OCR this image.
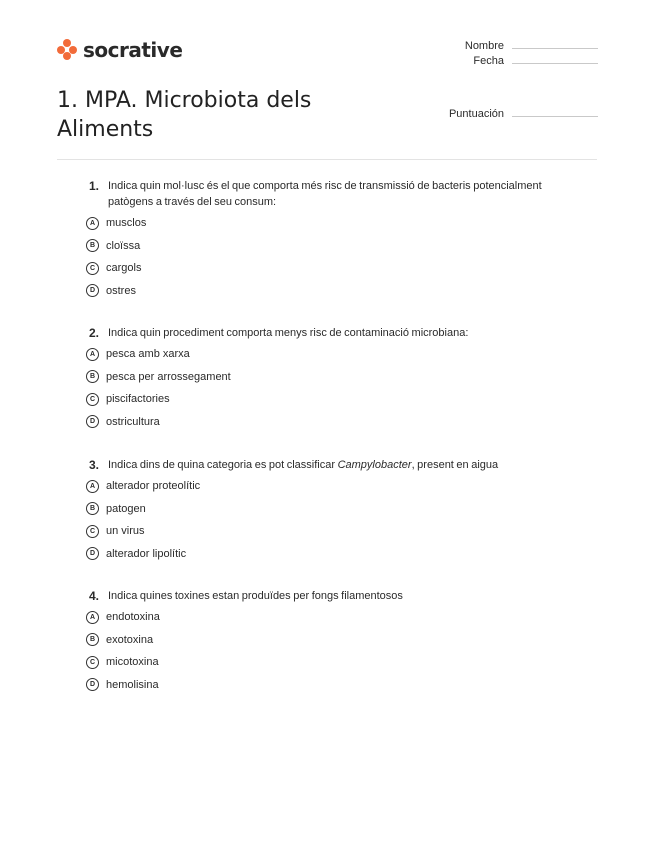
socrative	Nombre
Fecha
Puntuación
1. MPA. Microbiota dels Aliments
1. Indica quin mol·lusc és el que comporta més risc de transmissió de bacteris potencialment patògens a través del seu consum:
A musclos
B cloïssa
C cargols
D ostres
2. Indica quin procediment comporta menys risc de contaminació microbiana:
A pesca amb xarxa
B pesca per arrossegament
C piscifactories
D ostricultura
3. Indica dins de quina categoria es pot classificar Campylobacter, present en aigua
A alterador proteolític
B patogen
C un virus
D alterador lipolític
4. Indica quines toxines estan produïdes per fongs filamentosos
A endotoxina
B exotoxina
C micotoxina
D hemolisina
